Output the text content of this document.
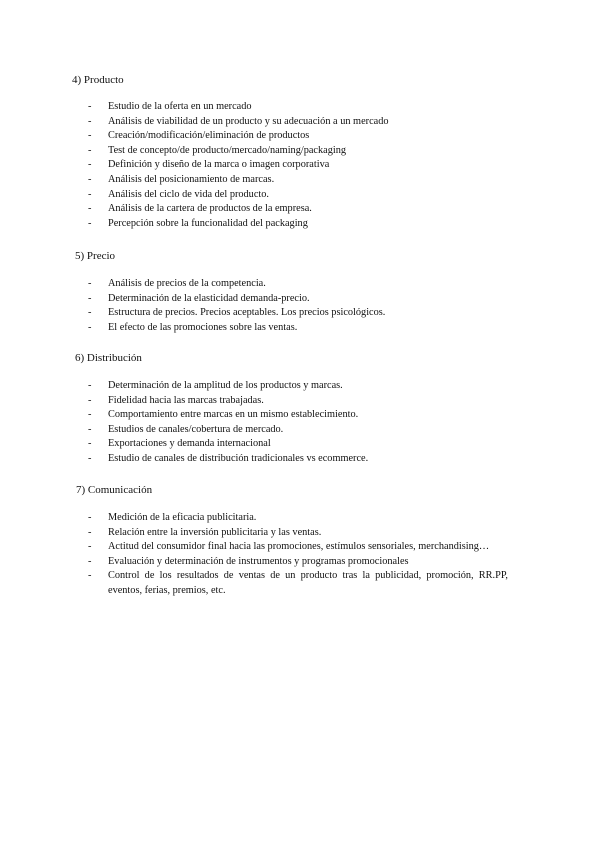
4) Producto
- Estudio de la oferta en un mercado
- Análisis de viabilidad de un producto y su adecuación a un mercado
- Creación/modificación/eliminación de productos
- Test de concepto/de producto/mercado/naming/packaging
- Definición y diseño de la marca o imagen corporativa
- Análisis del posicionamiento de marcas.
- Análisis del ciclo de vida del producto.
- Análisis de la cartera de productos de la empresa.
- Percepción sobre la funcionalidad del packaging
5) Precio
- Análisis de precios de la competencia.
- Determinación de la elasticidad demanda-precio.
- Estructura de precios. Precios aceptables. Los precios psicológicos.
- El efecto de las promociones sobre las ventas.
6) Distribución
- Determinación de la amplitud de los productos y marcas.
- Fidelidad hacia las marcas trabajadas.
- Comportamiento entre marcas en un mismo establecimiento.
- Estudios de canales/cobertura de mercado.
- Exportaciones y demanda internacional
- Estudio de canales de distribución tradicionales vs ecommerce.
7) Comunicación
- Medición de la eficacia publicitaria.
- Relación entre la inversión publicitaria y las ventas.
- Actitud del consumidor final hacia las promociones, estímulos sensoriales, merchandising…
- Evaluación y determinación de instrumentos y programas promocionales
- Control de los resultados de ventas de un producto tras la publicidad, promoción, RR.PP, eventos, ferias, premios, etc.
